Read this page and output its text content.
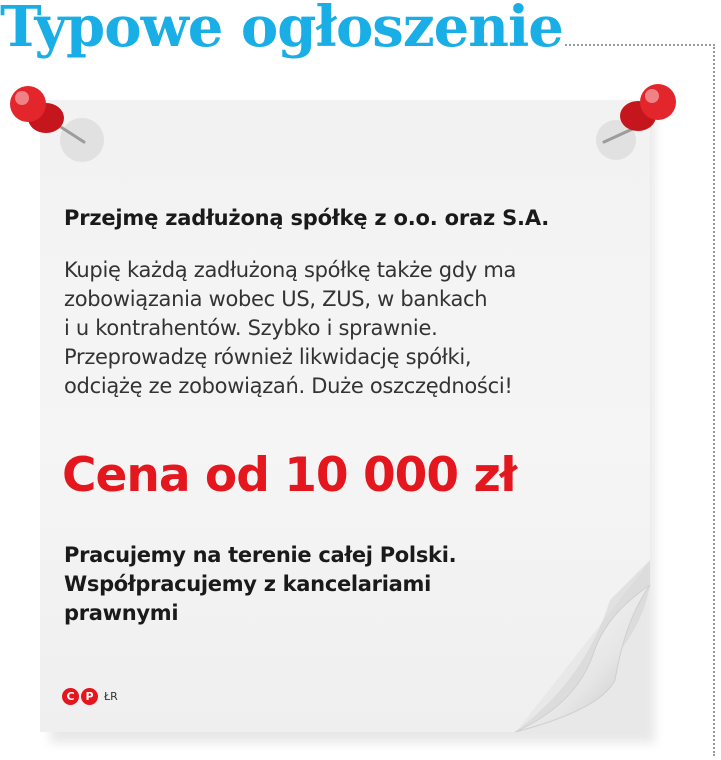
Typowe ogłoszenie
Przejmę zadłużoną spółkę z o.o. oraz S.A.
Kupię każdą zadłużoną spółkę także gdy ma
zobowiązania wobec US, ZUS, w bankach
i u kontrahentów. Szybko i sprawnie.
Przeprowadzę również likwidację spółki,
odciążę ze zobowiązań. Duże oszczędności!
Cena od 10 000 zł
Pracujemy na terenie całej Polski.
Współpracujemy z kancelariami
prawnymi
C P ŁR
